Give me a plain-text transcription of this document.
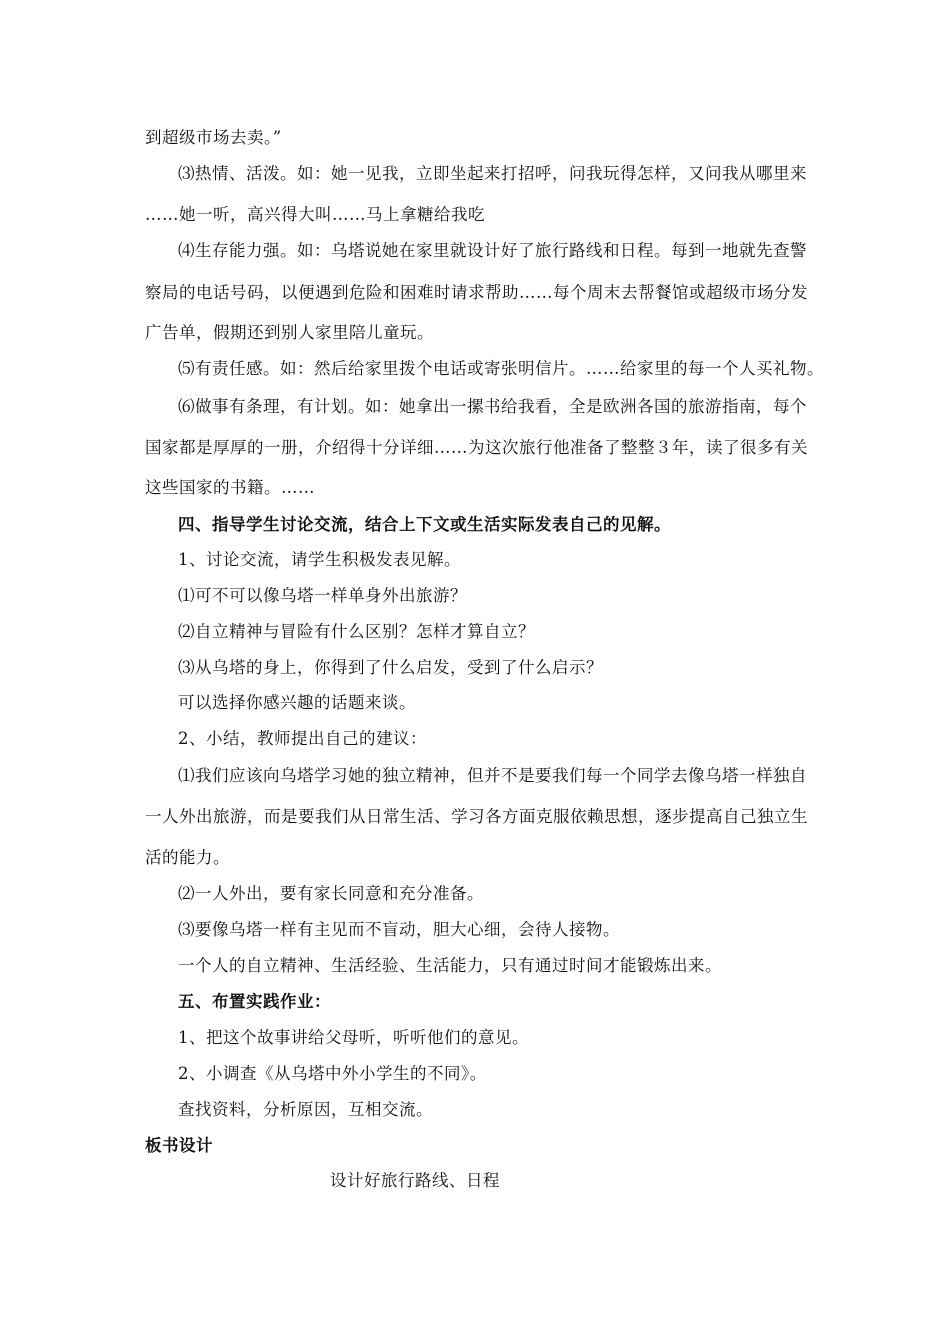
到超级市场去卖。”
⑶热情、活泼。如：她一见我，立即坐起来打招呼，问我玩得怎样，又问我从哪里来
……她一听，高兴得大叫……马上拿糖给我吃
⑷生存能力强。如：乌塔说她在家里就设计好了旅行路线和日程。每到一地就先查警
察局的电话号码，以便遇到危险和困难时请求帮助……每个周末去帮餐馆或超级市场分发
广告单，假期还到别人家里陪儿童玩。
⑸有责任感。如：然后给家里拨个电话或寄张明信片。……给家里的每一个人买礼物。
⑹做事有条理，有计划。如：她拿出一摞书给我看，全是欧洲各国的旅游指南，每个
国家都是厚厚的一册，介绍得十分详细……为这次旅行他准备了整整３年，读了很多有关
这些国家的书籍。……
四、指导学生讨论交流，结合上下文或生活实际发表自己的见解。
1、讨论交流，请学生积极发表见解。
⑴可不可以像乌塔一样单身外出旅游？
⑵自立精神与冒险有什么区别？怎样才算自立？
⑶从乌塔的身上，你得到了什么启发，受到了什么启示？
可以选择你感兴趣的话题来谈。
2、小结，教师提出自己的建议：
⑴我们应该向乌塔学习她的独立精神，但并不是要我们每一个同学去像乌塔一样独自
一人外出旅游，而是要我们从日常生活、学习各方面克服依赖思想，逐步提高自己独立生
活的能力。
⑵一人外出，要有家长同意和充分准备。
⑶要像乌塔一样有主见而不盲动，胆大心细，会待人接物。
一个人的自立精神、生活经验、生活能力，只有通过时间才能锻炼出来。
五、布置实践作业：
1、把这个故事讲给父母听，听听他们的意见。
2、小调查《从乌塔中外小学生的不同》。
查找资料，分析原因，互相交流。
板书设计
设计好旅行路线、日程
